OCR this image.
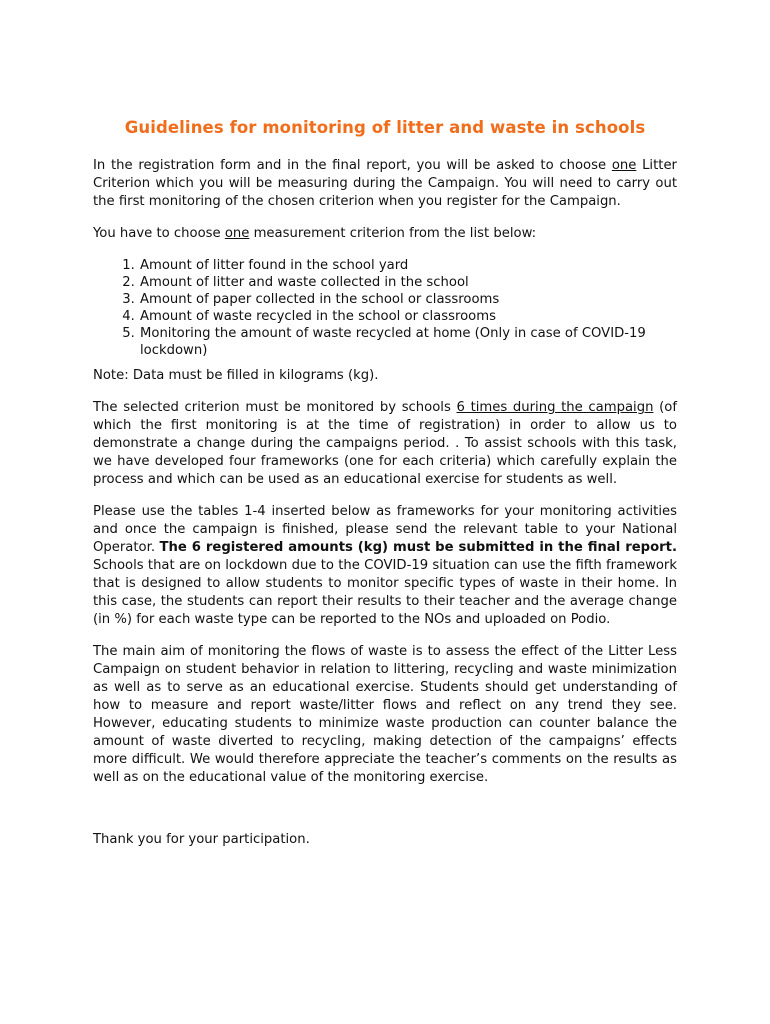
Guidelines for monitoring of litter and waste in schools

In the registration form and in the final report, you will be asked to choose one Litter Criterion which you will be measuring during the Campaign. You will need to carry out the first monitoring of the chosen criterion when you register for the Campaign.

You have to choose one measurement criterion from the list below:

1. Amount of litter found in the school yard
2. Amount of litter and waste collected in the school
3. Amount of paper collected in the school or classrooms
4. Amount of waste recycled in the school or classrooms
5. Monitoring the amount of waste recycled at home (Only in case of COVID-19 lockdown)

Note: Data must be filled in kilograms (kg).

The selected criterion must be monitored by schools 6 times during the campaign (of which the first monitoring is at the time of registration) in order to allow us to demonstrate a change during the campaigns period. . To assist schools with this task, we have developed four frameworks (one for each criteria) which carefully explain the process and which can be used as an educational exercise for students as well.

Please use the tables 1-4 inserted below as frameworks for your monitoring activities and once the campaign is finished, please send the relevant table to your National Operator. The 6 registered amounts (kg) must be submitted in the final report. Schools that are on lockdown due to the COVID-19 situation can use the fifth framework that is designed to allow students to monitor specific types of waste in their home. In this case, the students can report their results to their teacher and the average change (in %) for each waste type can be reported to the NOs and uploaded on Podio.

The main aim of monitoring the flows of waste is to assess the effect of the Litter Less Campaign on student behavior in relation to littering, recycling and waste minimization as well as to serve as an educational exercise. Students should get understanding of how to measure and report waste/litter flows and reflect on any trend they see. However, educating students to minimize waste production can counter balance the amount of waste diverted to recycling, making detection of the campaigns’ effects more difficult. We would therefore appreciate the teacher’s comments on the results as well as on the educational value of the monitoring exercise.

Thank you for your participation.
